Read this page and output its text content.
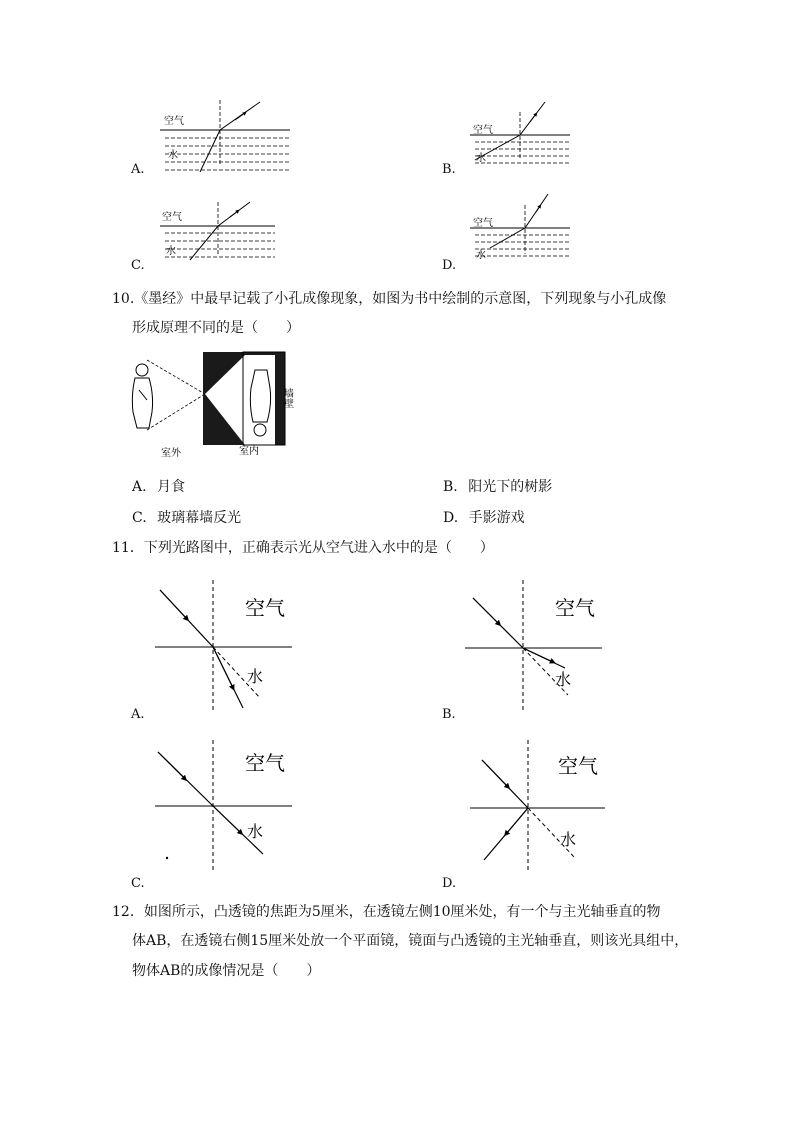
空气
水
A.
空气
水
B.
空气
水
C.
空气
水
D.
10.《墨经》中最早记载了小孔成像现象，如图为书中绘制的示意图，下列现象与小孔成像
形成原理不同的是（　　）
墙壁
室外	室内
A. 月食	B. 阳光下的树影
C. 玻璃幕墙反光	D. 手影游戏
11．下列光路图中，正确表示光从空气进入水中的是（　　）
空气
水
A.
空气
水
B.
空气
水
C.
空气
水
D.
12．如图所示，凸透镜的焦距为5厘米，在透镜左侧10厘米处，有一个与主光轴垂直的物
体AB，在透镜右侧15厘米处放一个平面镜，镜面与凸透镜的主光轴垂直，则该光具组中，
物体AB的成像情况是（　　）
